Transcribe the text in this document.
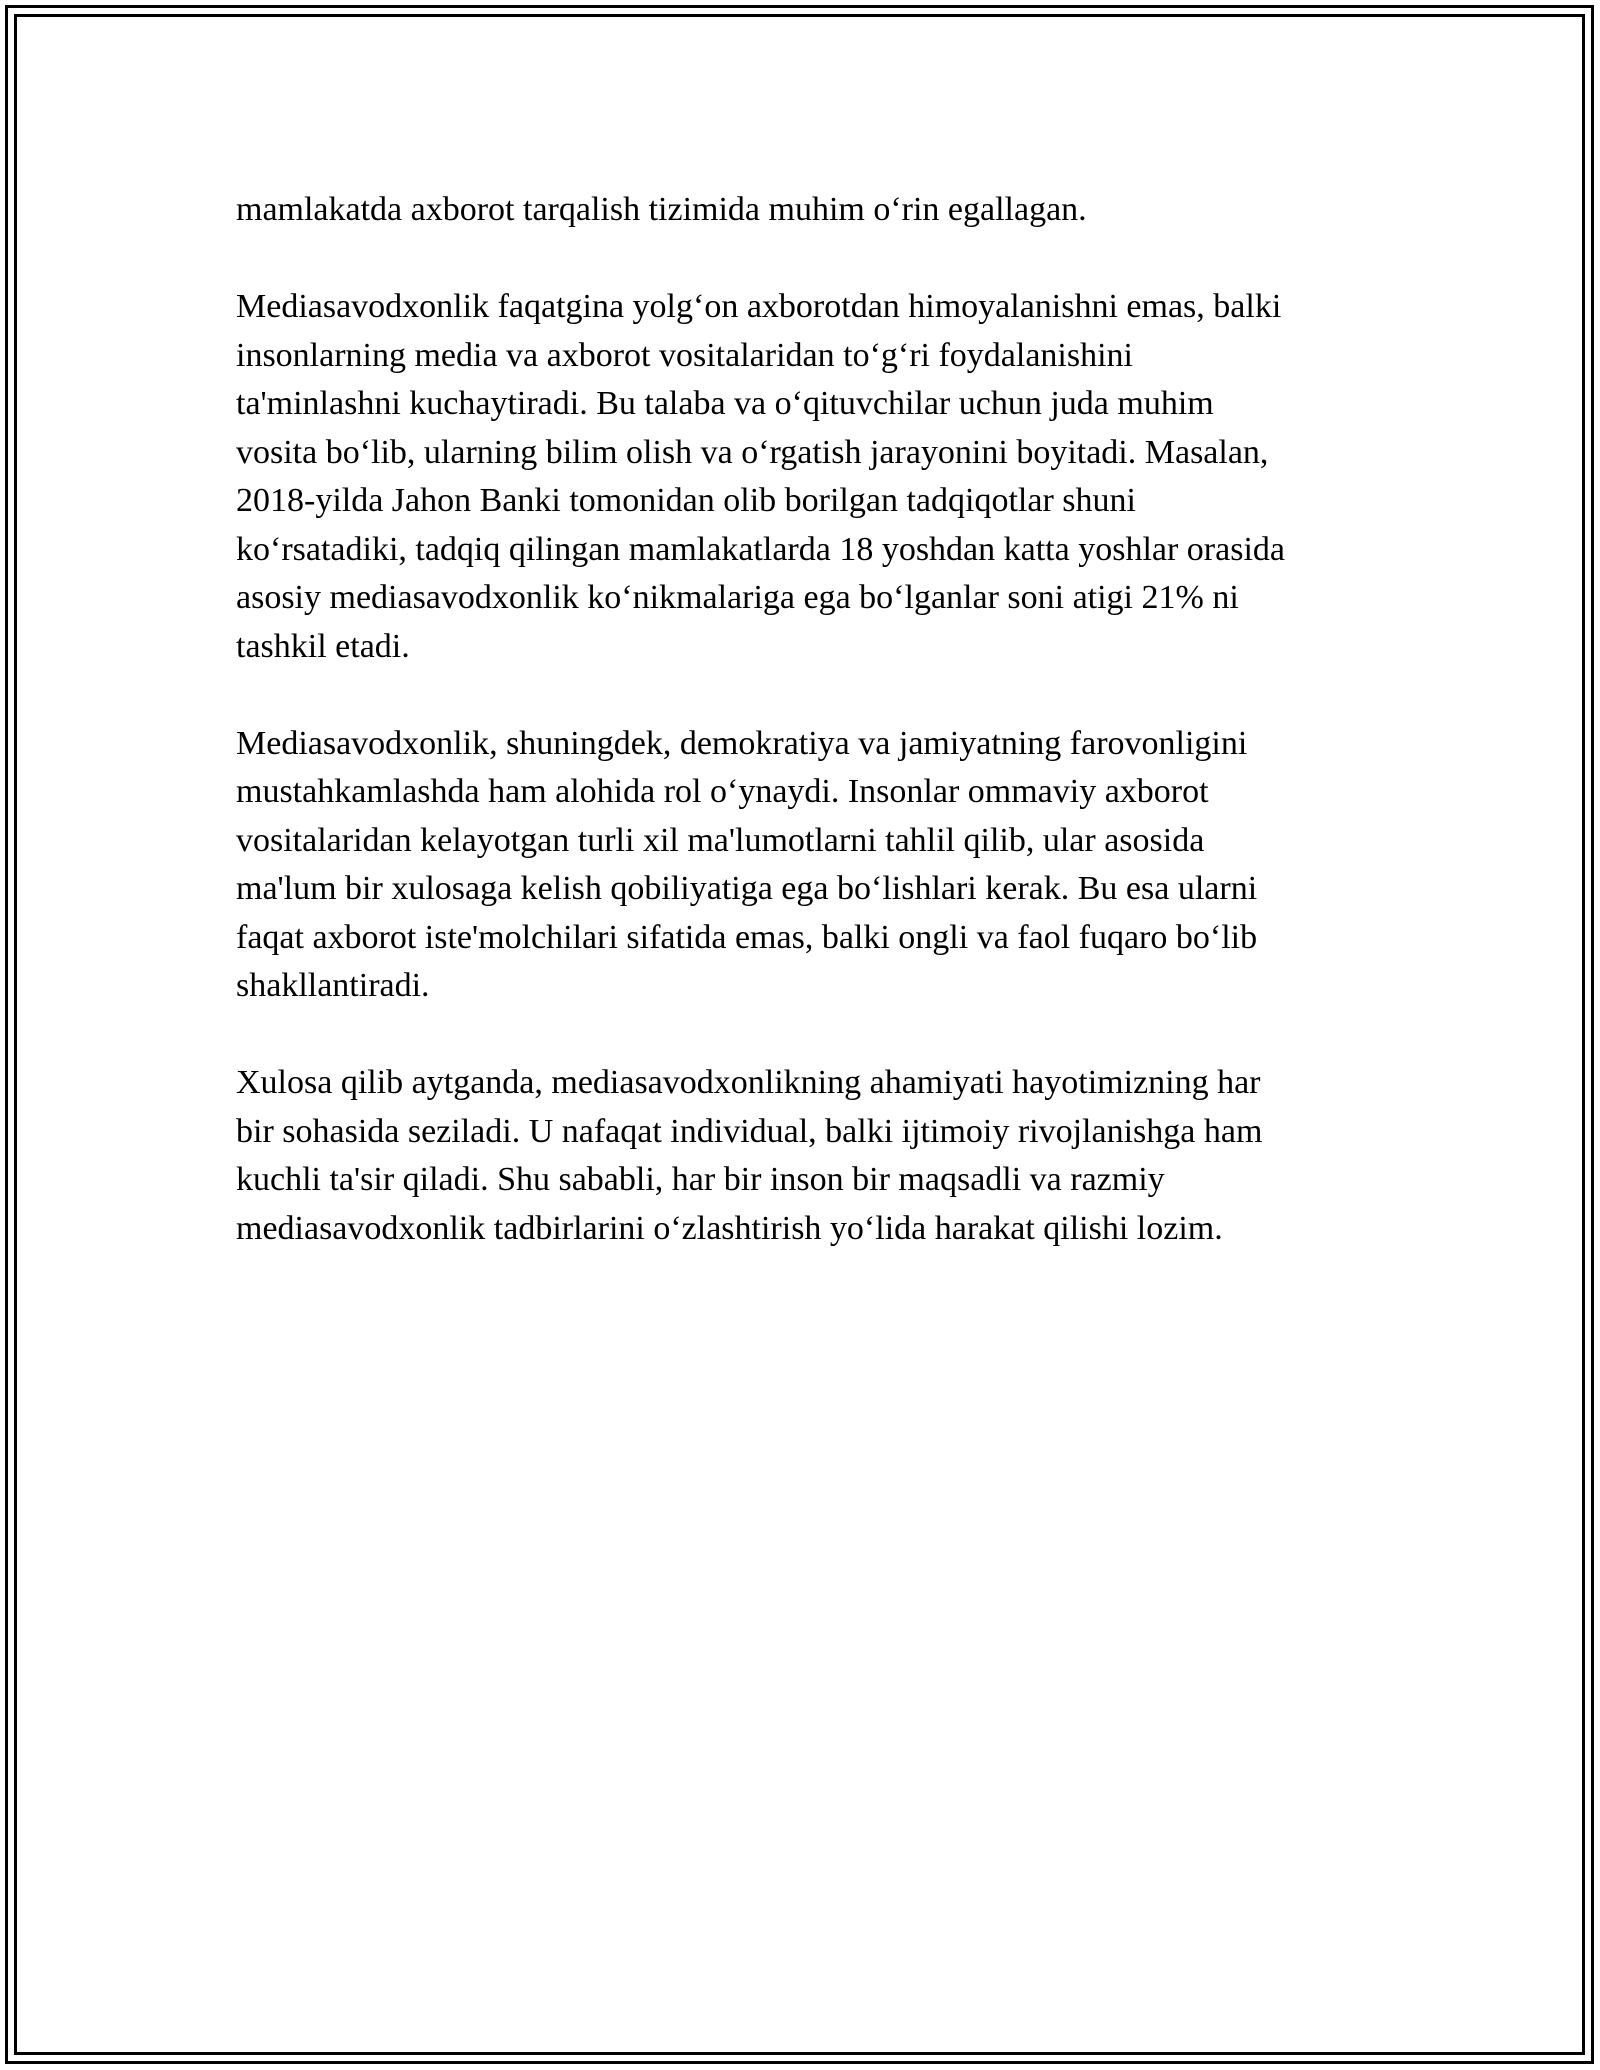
mamlakatda axborot tarqalish tizimida muhim o‘rin egallagan.
Mediasavodxonlik faqatgina yolg‘on axborotdan himoyalanishni emas, balki
insonlarning media va axborot vositalaridan to‘g‘ri foydalanishini
ta'minlashni kuchaytiradi. Bu talaba va o‘qituvchilar uchun juda muhim
vosita bo‘lib, ularning bilim olish va o‘rgatish jarayonini boyitadi. Masalan,
2018-yilda Jahon Banki tomonidan olib borilgan tadqiqotlar shuni
ko‘rsatadiki, tadqiq qilingan mamlakatlarda 18 yoshdan katta yoshlar orasida
asosiy mediasavodxonlik ko‘nikmalariga ega bo‘lganlar soni atigi 21% ni
tashkil etadi.
Mediasavodxonlik, shuningdek, demokratiya va jamiyatning farovonligini
mustahkamlashda ham alohida rol o‘ynaydi. Insonlar ommaviy axborot
vositalaridan kelayotgan turli xil ma'lumotlarni tahlil qilib, ular asosida
ma'lum bir xulosaga kelish qobiliyatiga ega bo‘lishlari kerak. Bu esa ularni
faqat axborot iste'molchilari sifatida emas, balki ongli va faol fuqaro bo‘lib
shakllantiradi.
Xulosa qilib aytganda, mediasavodxonlikning ahamiyati hayotimizning har
bir sohasida seziladi. U nafaqat individual, balki ijtimoiy rivojlanishga ham
kuchli ta'sir qiladi. Shu sababli, har bir inson bir maqsadli va razmiy
mediasavodxonlik tadbirlarini o‘zlashtirish yo‘lida harakat qilishi lozim.
